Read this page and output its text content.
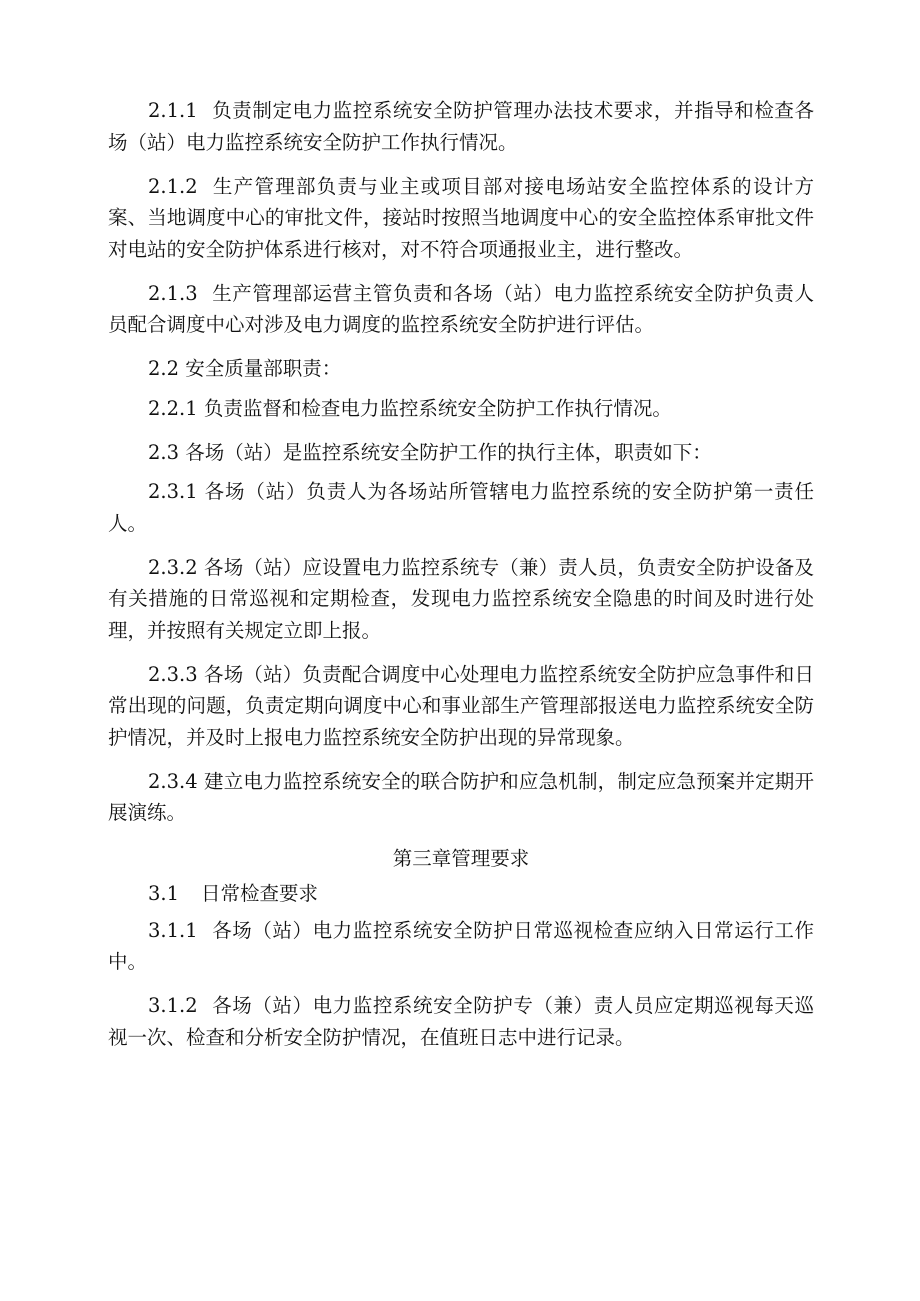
2.1.1 负责制定电力监控系统安全防护管理办法技术要求，并指导和检查各场（站）电力监控系统安全防护工作执行情况。

2.1.2 生产管理部负责与业主或项目部对接电场站安全监控体系的设计方案、当地调度中心的审批文件，接站时按照当地调度中心的安全监控体系审批文件对电站的安全防护体系进行核对，对不符合项通报业主，进行整改。

2.1.3 生产管理部运营主管负责和各场（站）电力监控系统安全防护负责人员配合调度中心对涉及电力调度的监控系统安全防护进行评估。

2.2 安全质量部职责：

2.2.1 负责监督和检查电力监控系统安全防护工作执行情况。

2.3 各场（站）是监控系统安全防护工作的执行主体，职责如下：

2.3.1 各场（站）负责人为各场站所管辖电力监控系统的安全防护第一责任人。

2.3.2 各场（站）应设置电力监控系统专（兼）责人员，负责安全防护设备及有关措施的日常巡视和定期检查，发现电力监控系统安全隐患的时间及时进行处理，并按照有关规定立即上报。

2.3.3 各场（站）负责配合调度中心处理电力监控系统安全防护应急事件和日常出现的问题，负责定期向调度中心和事业部生产管理部报送电力监控系统安全防护情况，并及时上报电力监控系统安全防护出现的异常现象。

2.3.4 建立电力监控系统安全的联合防护和应急机制，制定应急预案并定期开展演练。

第三章管理要求

3.1 日常检查要求

3.1.1 各场（站）电力监控系统安全防护日常巡视检查应纳入日常运行工作中。

3.1.2 各场（站）电力监控系统安全防护专（兼）责人员应定期巡视每天巡视一次、检查和分析安全防护情况，在值班日志中进行记录。
